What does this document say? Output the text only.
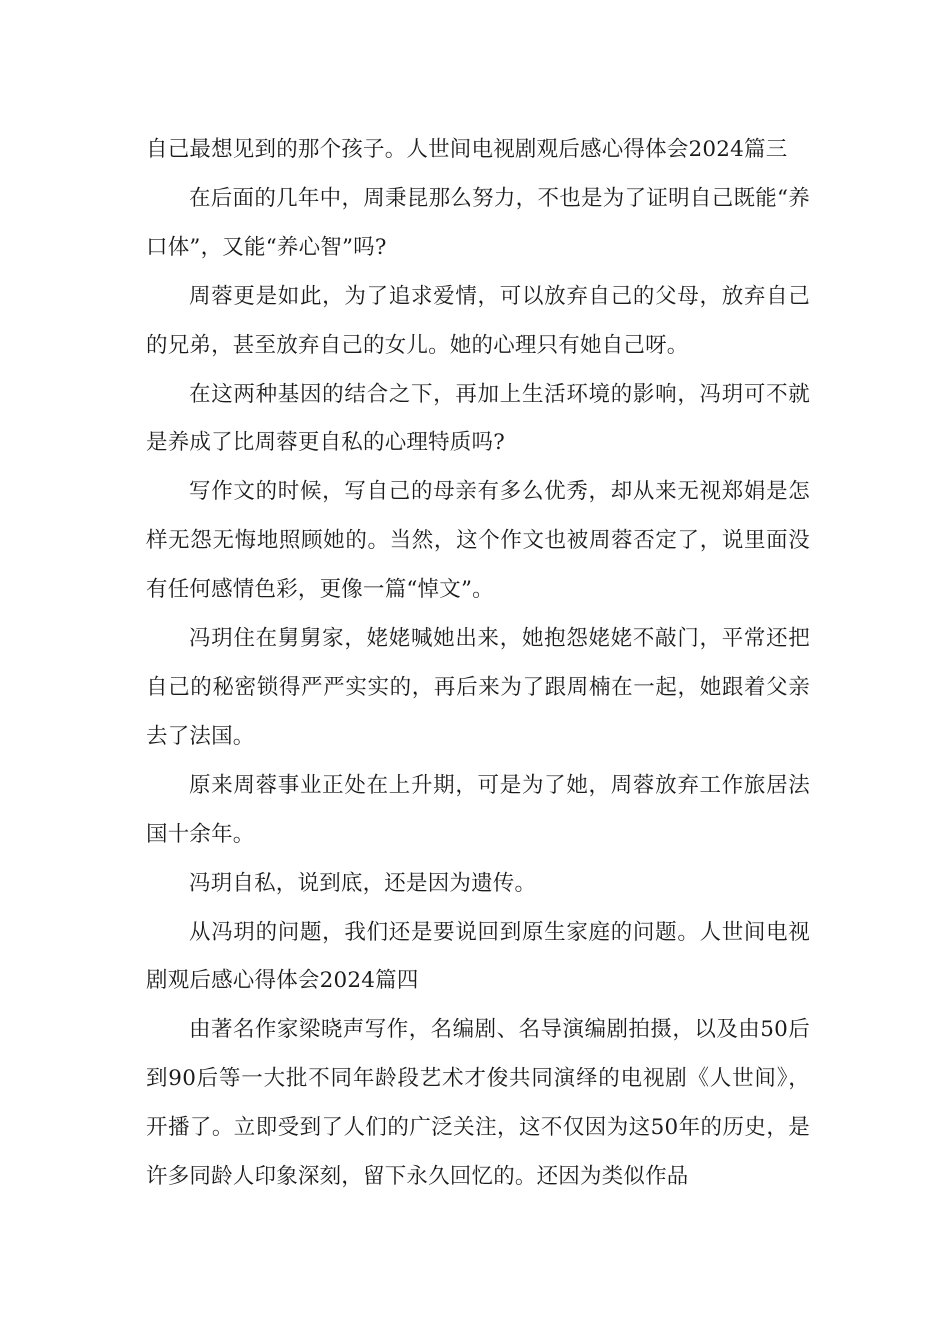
自己最想见到的那个孩子。人世间电视剧观后感心得体会2024篇三

在后面的几年中，周秉昆那么努力，不也是为了证明自己既能“养口体”，又能“养心智”吗?

周蓉更是如此，为了追求爱情，可以放弃自己的父母，放弃自己的兄弟，甚至放弃自己的女儿。她的心理只有她自己呀。

在这两种基因的结合之下，再加上生活环境的影响，冯玥可不就是养成了比周蓉更自私的心理特质吗?

写作文的时候，写自己的母亲有多么优秀，却从来无视郑娟是怎样无怨无悔地照顾她的。当然，这个作文也被周蓉否定了，说里面没有任何感情色彩，更像一篇“悼文”。

冯玥住在舅舅家，姥姥喊她出来，她抱怨姥姥不敲门，平常还把自己的秘密锁得严严实实的，再后来为了跟周楠在一起，她跟着父亲去了法国。

原来周蓉事业正处在上升期，可是为了她，周蓉放弃工作旅居法国十余年。

冯玥自私，说到底，还是因为遗传。

从冯玥的问题，我们还是要说回到原生家庭的问题。人世间电视剧观后感心得体会2024篇四

由著名作家梁晓声写作，名编剧、名导演编剧拍摄，以及由50后到90后等一大批不同年龄段艺术才俊共同演绎的电视剧《人世间》，开播了。立即受到了人们的广泛关注，这不仅因为这50年的历史，是许多同龄人印象深刻，留下永久回忆的。还因为类似作品
